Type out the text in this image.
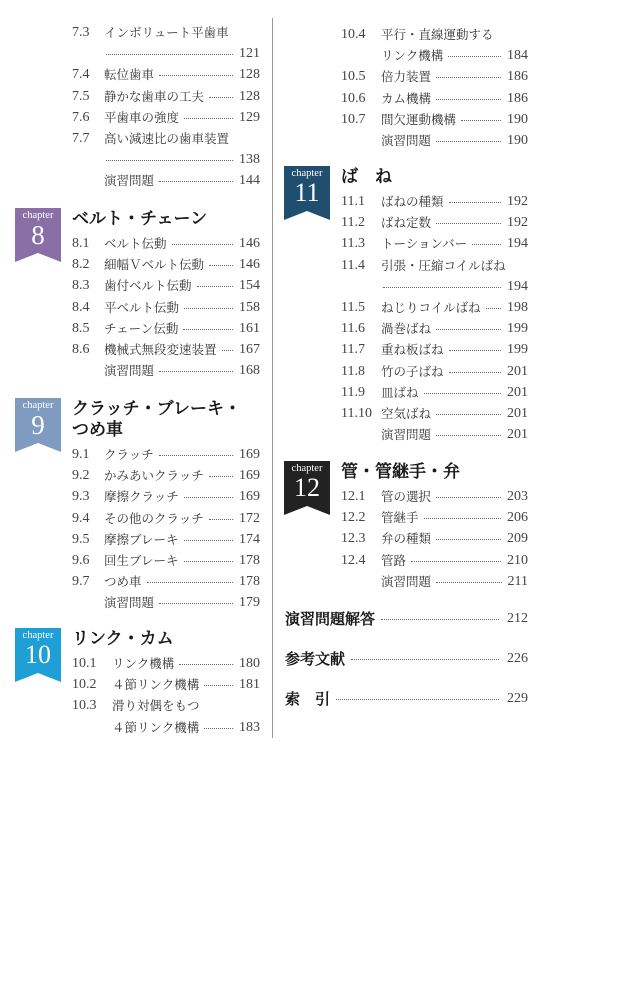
7.3 インボリュート平歯車
121
7.4 転位歯車	128
7.5 静かな歯車の工夫 128
7.6 平歯車の強度	129
7.7 高い減速比の歯車装置
138
演習問題	144
chapter
8
ベルト・チェーン
8.1 ベルト伝動	146
8.2 細幅Ｖベルト伝動 146
8.3 歯付ベルト伝動	154
8.4 平ベルト伝動	158
8.5 チェーン伝動	161
8.6 機械式無段変速装置 167
演習問題	168
chapter
9
クラッチ・ブレーキ・
つめ車
9.1 クラッチ	169
9.2 かみあいクラッチ	169
9.3 摩擦クラッチ	169
9.4 その他のクラッチ	172
9.5 摩擦ブレーキ	174
9.6 回生ブレーキ	178
9.7 つめ車	178
演習問題	179
chapter
10
リンク・カム
10.1 リンク機構	180
10.2 ４節リンク機構	181
10.3 滑り対偶をもつ
４節リンク機構	183
10.4 平行・直線運動する
リンク機構	184
10.5 倍力装置	186
10.6 カム機構	186
10.7 間欠運動機構	190
演習問題	190
chapter
11
ば　ね
11.1 ばねの種類	192
11.2 ばね定数	192
11.3 トーションバー	194
11.4 引張・圧縮コイルばね
194
11.5 ねじりコイルばね 198
11.6 渦巻ばね	199
11.7 重ね板ばね	199
11.8 竹の子ばね	201
11.9 皿ばね	201
11.10 空気ばね	201
演習問題	201
chapter
12
管・管継手・弁
12.1 管の選択	203
12.2 管継手	206
12.3 弁の種類	209
12.4 管路	210
演習問題	211
演習問題解答	212
参考文献	226
索　引	229
